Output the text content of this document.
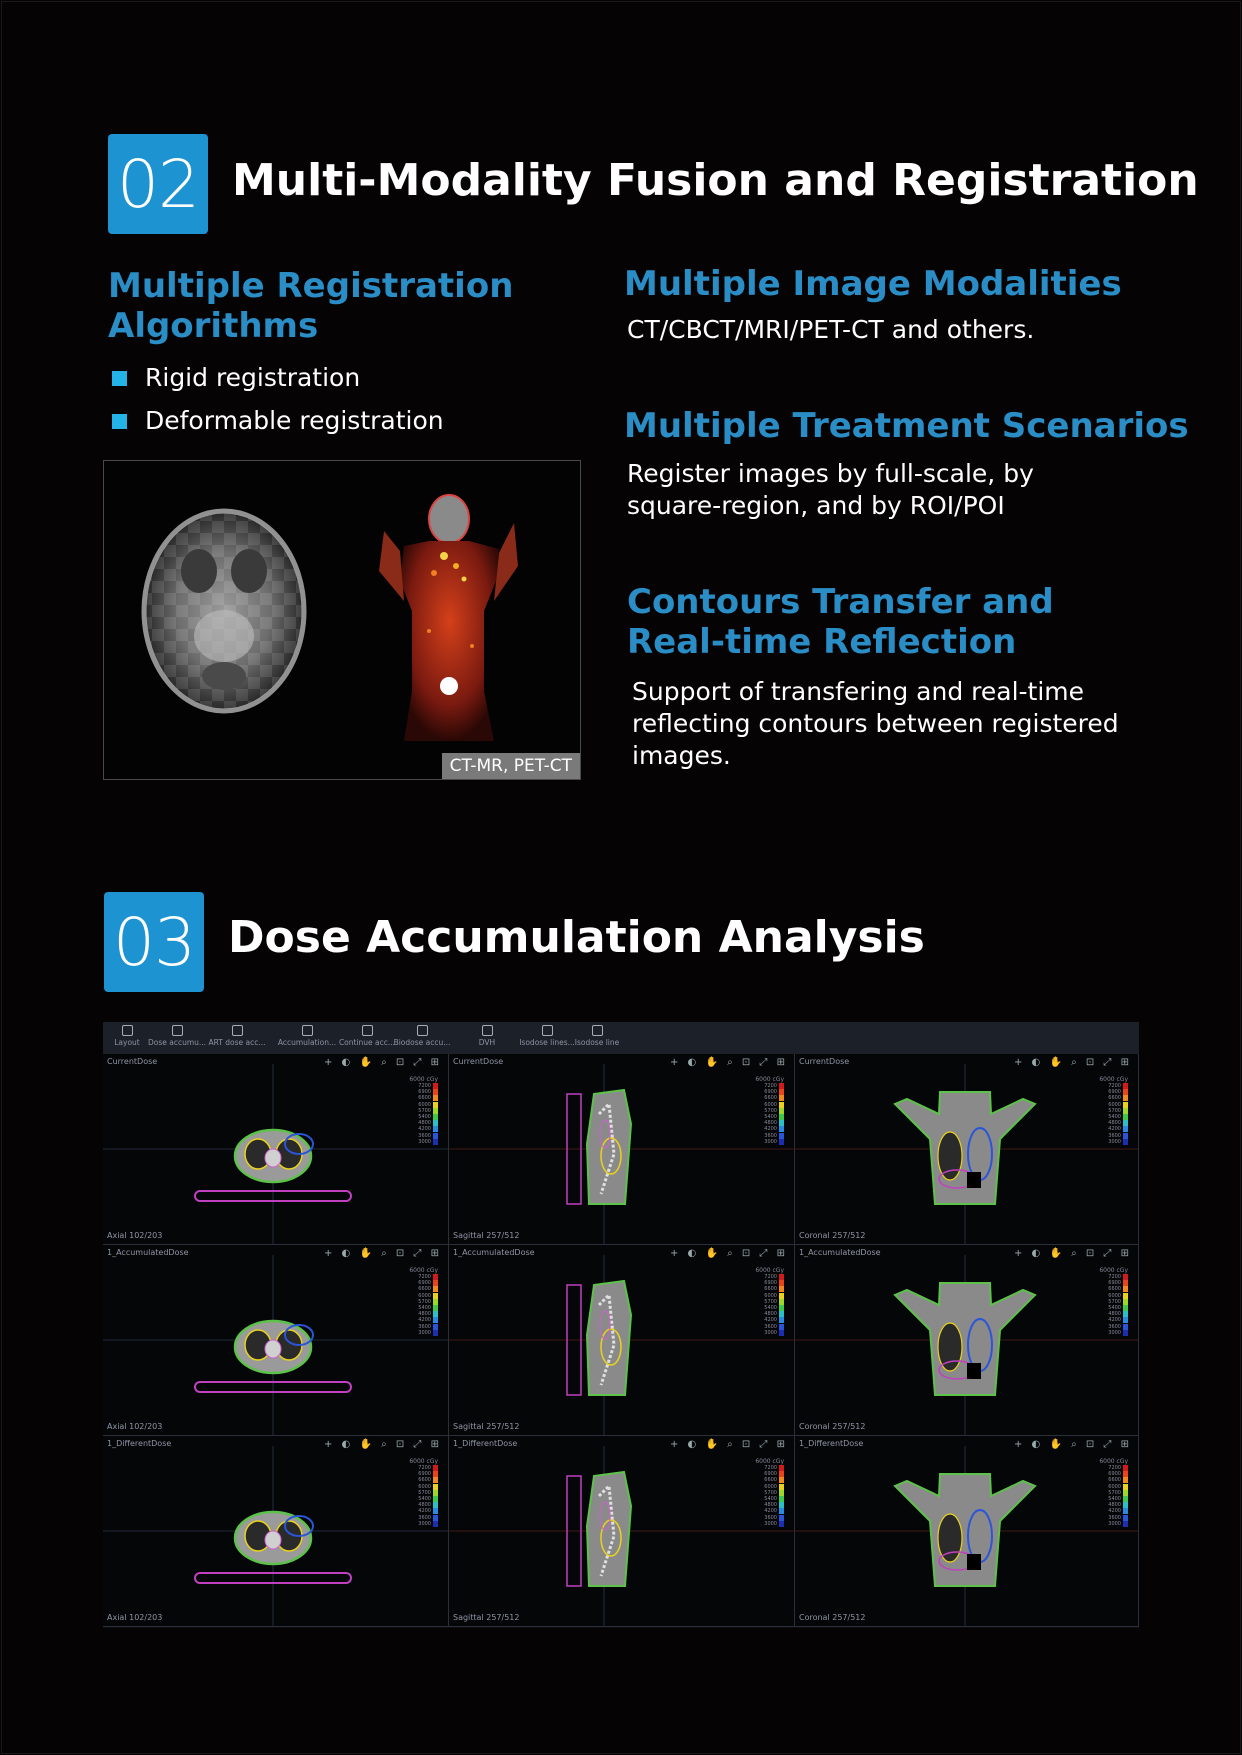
02 Multi-Modality Fusion and Registration
Multiple Registration
Algorithms
Rigid registration
Deformable registration
CT-MR, PET-CT
Multiple Image Modalities
CT/CBCT/MRI/PET-CT and others.
Multiple Treatment Scenarios
Register images by full-scale, by
square-region, and by ROI/POI
Contours Transfer and
Real-time Reflection
Support of transfering and real-time
reflecting contours between registered
images.
03 Dose Accumulation Analysis
Layout	Dose accumu... ART dose acc...	Accumulation... Continue acc...
Biodose accu...	DVH	Isodose lines... Isodose line
CurrentDose	+ ◐ ✋ ⌕ ⊡ ⤢ ⊞
Axial 102/203
6000 cGy
7200
6900
6600
6000
5700
5400
4800
4200
3600
3000
CurrentDose	+ ◐ ✋ ⌕ ⊡ ⤢ ⊞
Sagittal 257/512
6000 cGy
7200
6900
6600
6000
5700
5400
4800
4200
3600
3000
CurrentDose	+ ◐ ✋ ⌕ ⊡ ⤢ ⊞
Coronal 257/512
6000 cGy
7200
6900
6600
6000
5700
5400
4800
4200
3600
3000
1_AccumulatedDose	+ ◐ ✋ ⌕ ⊡ ⤢ ⊞
Axial 102/203
6000 cGy
7200
6900
6600
6000
5700
5400
4800
4200
3600
3000
1_AccumulatedDose	+ ◐ ✋ ⌕ ⊡ ⤢ ⊞
Sagittal 257/512
6000 cGy
7200
6900
6600
6000
5700
5400
4800
4200
3600
3000
1_AccumulatedDose	+ ◐ ✋ ⌕ ⊡ ⤢ ⊞
Coronal 257/512
6000 cGy
7200
6900
6600
6000
5700
5400
4800
4200
3600
3000
1_DifferentDose	+ ◐ ✋ ⌕ ⊡ ⤢ ⊞
Axial 102/203
6000 cGy
7200
6900
6600
6000
5700
5400
4800
4200
3600
3000
1_DifferentDose	+ ◐ ✋ ⌕ ⊡ ⤢ ⊞
Sagittal 257/512
6000 cGy
7200
6900
6600
6000
5700
5400
4800
4200
3600
3000
1_DifferentDose	+ ◐ ✋ ⌕ ⊡ ⤢ ⊞
Coronal 257/512
6000 cGy
7200
6900
6600
6000
5700
5400
4800
4200
3600
3000
